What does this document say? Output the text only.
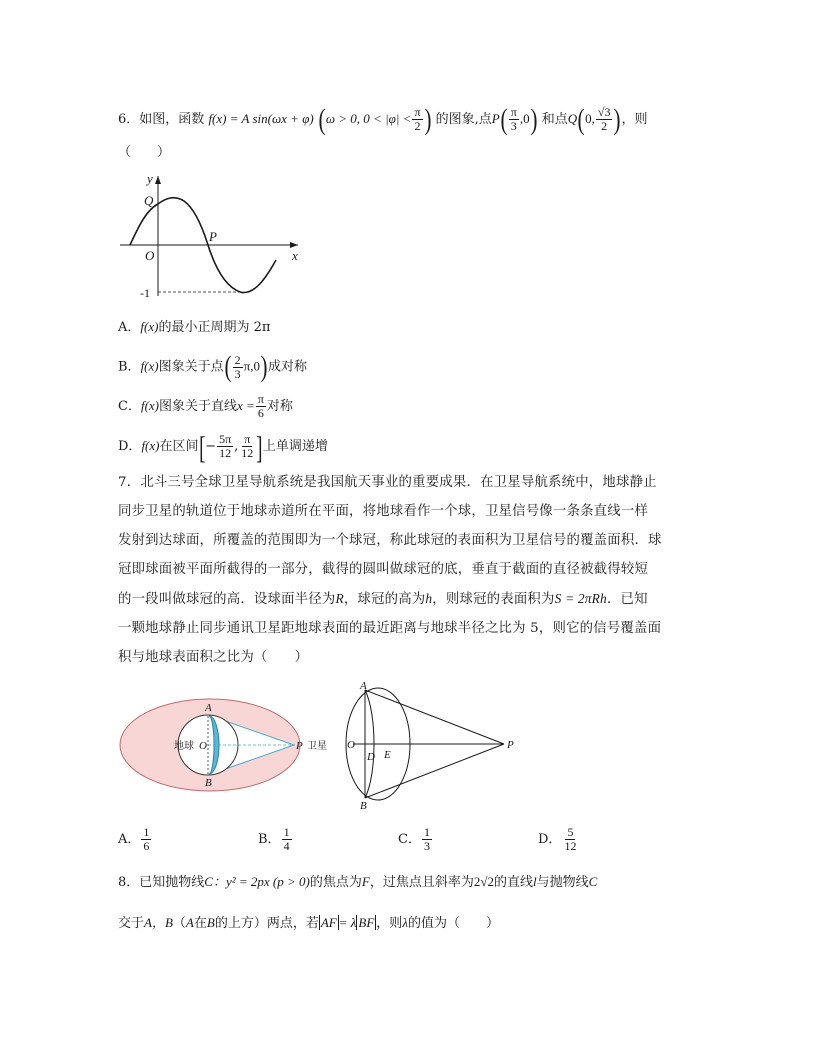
6．如图，函数 f(x) = A sin(ωx + φ) (ω > 0, $0 < |\varphi| < \frac{\pi}{2}$ ) 的图象,点$P( \frac{\pi}{3} ,0)$ 和点Q(0, $\frac{√3}{2}$ )，则
（　　）
y
x
O
Q
P
-1
A．f(x)的最小正周期为 2π
B．f(x)图象关于点( $\frac{2}{3} \pi,0$)成对称
C．f(x)图象关于直线$x = \frac{\pi}{6}$ 对称
D．f(x)在区间[− $\frac{5\pi}{12}$ , $\frac{\pi}{12}$ ]上单调递增
7．北斗三号全球卫星导航系统是我国航天事业的重要成果．在卫星导航系统中，地球静止
同步卫星的轨道位于地球赤道所在平面，将地球看作一个球，卫星信号像一条条直线一样
发射到达球面，所覆盖的范围即为一个球冠，称此球冠的表面积为卫星信号的覆盖面积．球
冠即球面被平面所截得的一部分，截得的圆叫做球冠的底，垂直于截面的直径被截得较短
的一段叫做球冠的高．设球面半径为R，球冠的高为h，则球冠的表面积为S = 2πRh．已知
一颗地球静止同步通讯卫星距地球表面的最近距离与地球半径之比为 5，则它的信号覆盖面
积与地球表面积之比为（　　）
地球 O
A
B
P 卫星
A
B
O
D E
P
A． $\frac{1}{6}$	B． $\frac{1}{4}$	C． $\frac{1}{3}$	D． $\frac{5}{12}$
8．已知抛物线C：y² = 2px (p > 0)的焦点为F，过焦点且斜率为2√2的直线l与抛物线C
交于A，B（A在B的上方）两点，若 AF = λ BF ，则λ的值为（　　）
